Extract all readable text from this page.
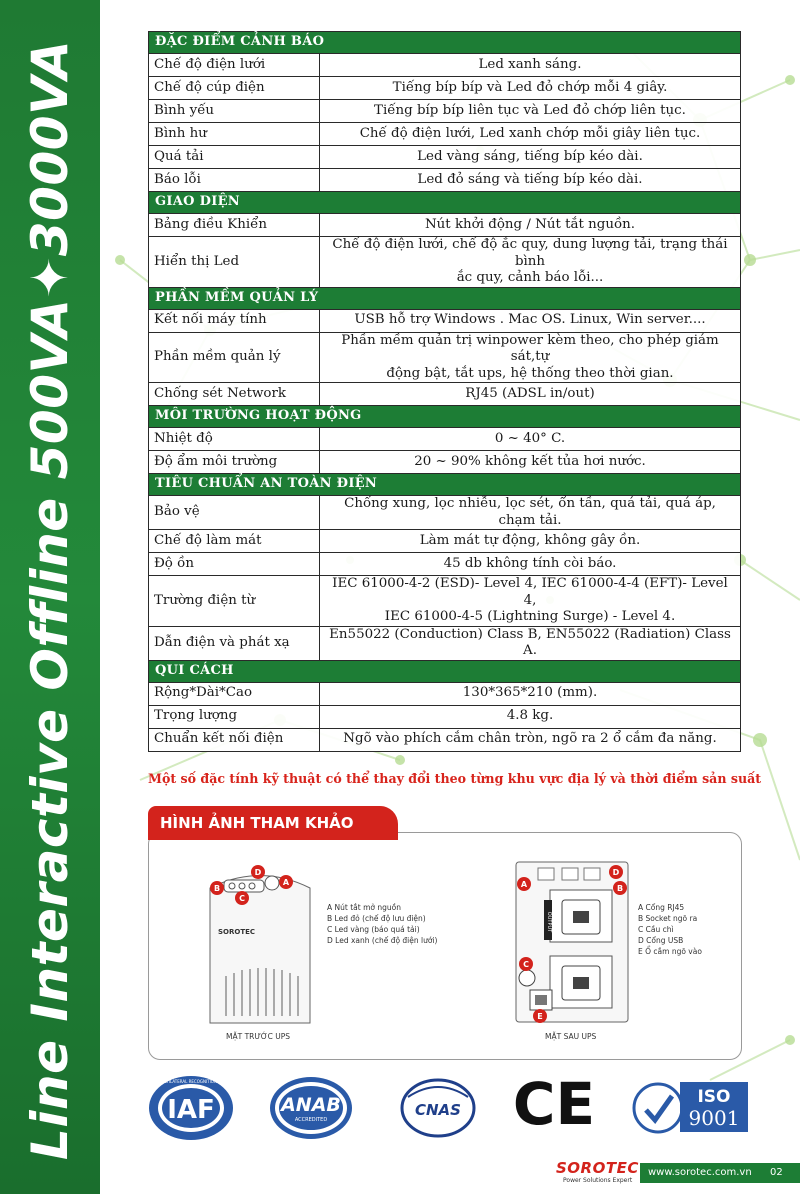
Line Interactive Offline 500VA✦3000VA	ĐẶC ĐIỂM CẢNH BÁO	
Chế độ điện lưới	Led xanh sáng.

Chế độ cúp điện	Tiếng bíp bíp và Led đỏ chớp mỗi 4 giây.

Bình yếu	Tiếng bíp bíp liên tục và Led đỏ chớp liên tục.

Bình hư	Chế độ điện lưới, Led xanh chớp mỗi giây liên tục.

Quá tải	Led vàng sáng, tiếng bíp kéo dài.

Báo lỗi	Led đỏ sáng và tiếng bíp kéo dài.

GIAO DIỆN	
Bảng điều Khiển	Nút khởi động / Nút tắt nguồn.

Hiển thị Led	Chế độ điện lưới, chế độ ắc quy, dung lượng tải, trạng thái bình
ắc quy, cảnh báo lỗi...

PHẦN MỀM QUẢN LÝ	
Kết nối máy tính	USB hỗ trợ Windows . Mac OS. Linux, Win server....

Phần mềm quản lý	Phần mềm quản trị winpower kèm theo, cho phép giám sát,tự
động bật, tắt ups, hệ thống theo thời gian.

Chống sét Network	RJ45 (ADSL in/out)

MÔI TRƯỜNG HOẠT ĐỘNG	
Nhiệt độ	0 ~ 40° C.

Độ ẩm môi trường	20 ~ 90% không kết tủa hơi nước.

TIÊU CHUẨN AN TOÀN ĐIỆN	
Bảo vệ	Chống xung, lọc nhiễu, lọc sét, ổn tần, quá tải, quá áp, chạm tải.

Chế độ làm mát	Làm mát tự động, không gây ồn.

Độ ồn	45 db không tính còi báo.

Trường điện từ	IEC 61000-4-2 (ESD)- Level 4, IEC 61000-4-4 (EFT)- Level 4,
IEC 61000-4-5 (Lightning Surge) - Level 4.

Dẫn điện và phát xạ	En55022 (Conduction) Class B, EN55022 (Radiation) Class A.

QUI CÁCH	
Rộng*Dài*Cao	130*365*210 (mm).

Trọng lượng	4.8 kg.

Chuẩn kết nối điện	Ngõ vào phích cắm chân tròn, ngõ ra 2 ổ cắm đa năng.
Một số đặc tính kỹ thuật có thể thay đổi theo từng khu vực địa lý và thời điểm sản suất
HÌNH ẢNH THAM KHẢO
SOROTEC
A
B
C
D
A Nút tắt mở nguồn
B Led đỏ (chế độ lưu điện)
C Led vàng (báo quá tải)
D Led xanh (chế độ điện lưới)
MẶT TRƯỚC UPS
OUTPUT
A	B
C
D
E
A Cổng RJ45
B Socket ngõ ra
C Cầu chì
D Cổng USB
E Ổ cắm ngõ vào
MẶT SAU UPS
IAF
MEMBER OF MULTILATERAL RECOGNITION ARRANGEMENT
ANAB
ACCREDITED
CNAS CE	ISO
9001
SOROTEC
Power Solutions Expert
www.sorotec.com.vn 02
